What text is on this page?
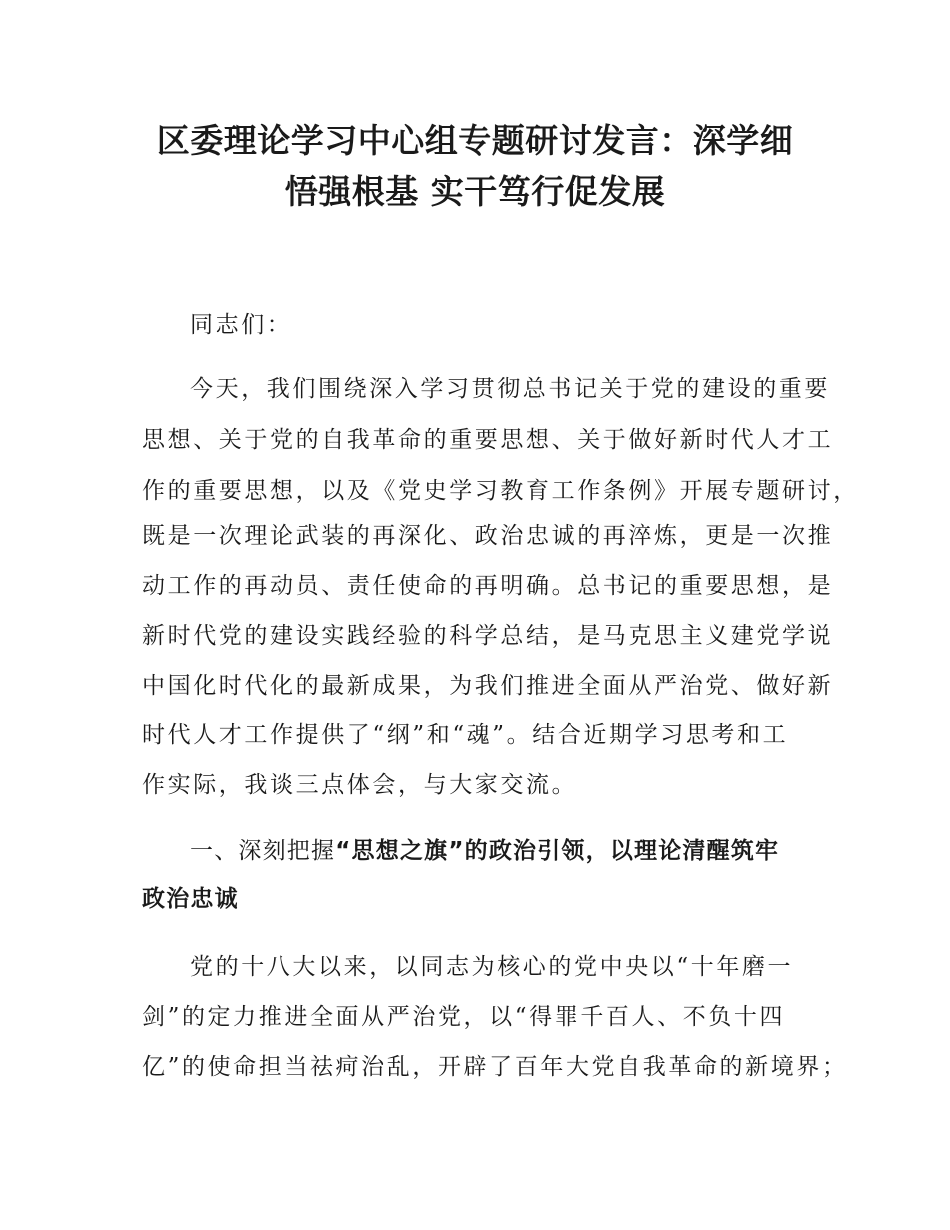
区委理论学习中心组专题研讨发言：深学细
悟强根基 实干笃行促发展
同志们：
今天，我们围绕深入学习贯彻总书记关于党的建设的重要
思想、关于党的自我革命的重要思想、关于做好新时代人才工
作的重要思想，以及《党史学习教育工作条例》开展专题研讨，
既是一次理论武装的再深化、政治忠诚的再淬炼，更是一次推
动工作的再动员、责任使命的再明确。总书记的重要思想，是
新时代党的建设实践经验的科学总结，是马克思主义建党学说
中国化时代化的最新成果，为我们推进全面从严治党、做好新
时代人才工作提供了“纲”和“魂”。结合近期学习思考和工
作实际，我谈三点体会，与大家交流。
一、深刻把握“思想之旗”的政治引领，以理论清醒筑牢
政治忠诚
党的十八大以来，以同志为核心的党中央以“十年磨一
剑”的定力推进全面从严治党，以“得罪千百人、不负十四
亿”的使命担当祛疴治乱，开辟了百年大党自我革命的新境界；
